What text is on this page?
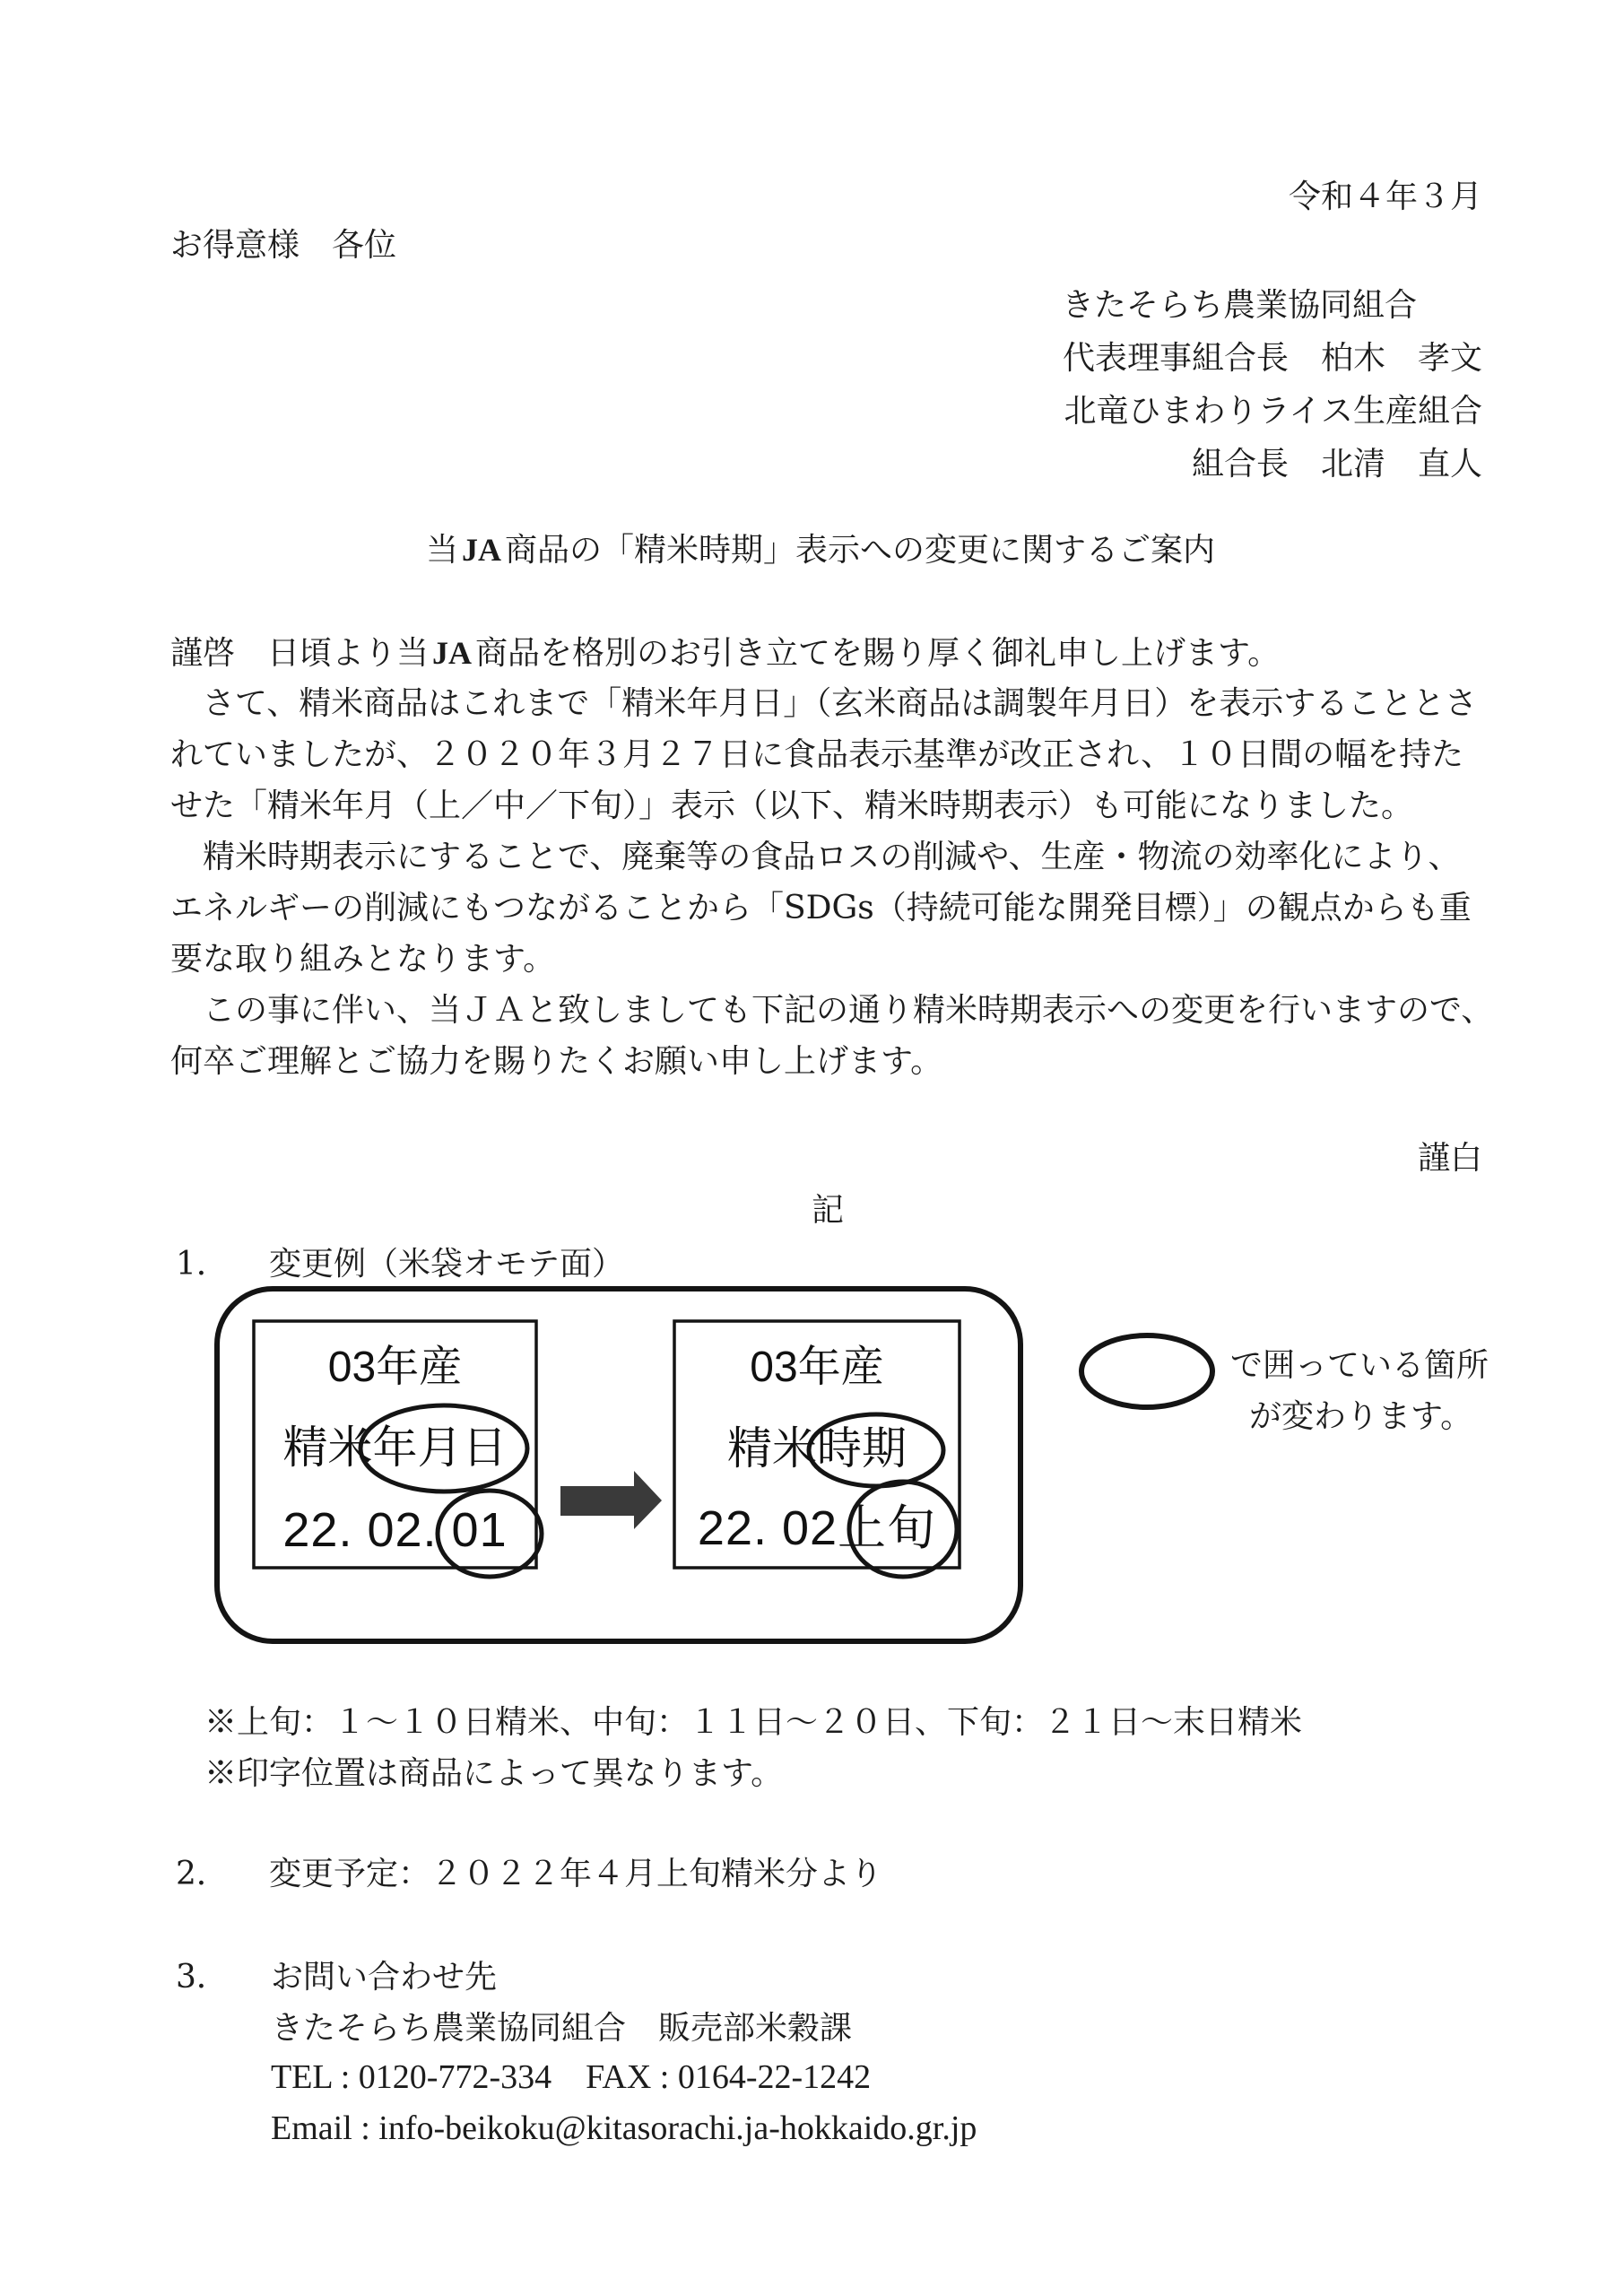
令和４年３月
お得意様　各位
きたそらち農業協同組合
代表理事組合長　柏木　孝文
北竜ひまわりライス生産組合
組合長　北清　直人
当 JA 商品の「精米時期」表示への変更に関するご案内
謹啓　日頃より当 JA 商品を格別のお引き立てを賜り厚く御礼申し上げます。
　さて、精米商品はこれまで「精米年月日」（玄米商品は調製年月日）を表示することとさ
れていましたが、２０２０年３月２７日に食品表示基準が改正され、１０日間の幅を持た
せた「精米年月（上／中／下旬）」表示（以下、精米時期表示）も可能になりました。
　精米時期表示にすることで、廃棄等の食品ロスの削減や、生産・物流の効率化により、
エネルギーの削減にもつながることから「SDGs（持続可能な開発目標）」の観点からも重
要な取り組みとなります。
　この事に伴い、当ＪＡと致しましても下記の通り精米時期表示への変更を行いますので、
何卒ご理解とご協力を賜りたくお願い申し上げます。
謹白
記
1． 変更例（米袋オモテ面）
03年産
精米年月日
22. 02. 01
03年産
精米時期
22. 02上旬
で囲っている箇所
が変わります。
※上旬：１～１０日精米、中旬：１１日～２０日、下旬：２１日～末日精米
※印字位置は商品によって異なります。
2． 変更予定：２０２２年４月上旬精米分より
3． お問い合わせ先
きたそらち農業協同組合　販売部米穀課
TEL : 0120-772-334　FAX : 0164-22-1242
Email : info-beikoku@kitasorachi.ja-hokkaido.gr.jp
